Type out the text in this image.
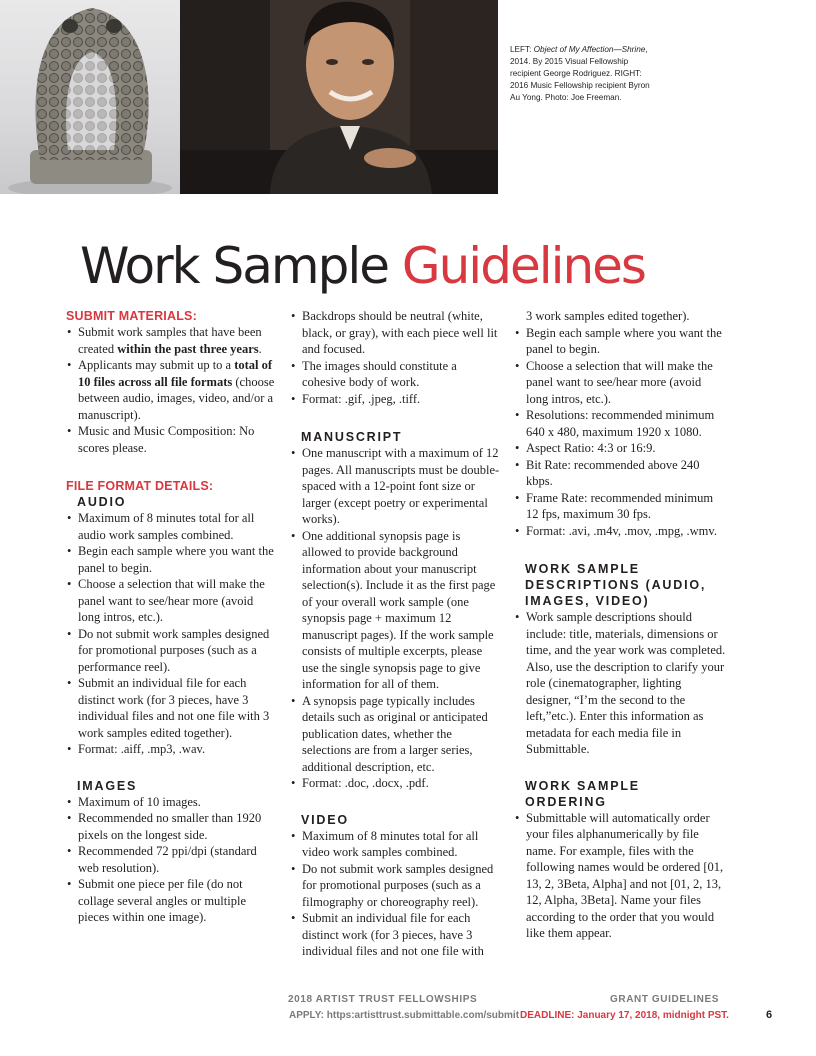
LEFT: Object of My Affection—Shrine, 2014. By 2015 Visual Fellowship recipient George Rodriguez. RIGHT: 2016 Music Fellowship recipient Byron Au Yong. Photo: Joe Freeman.
Work Sample Guidelines
SUBMIT MATERIALS:
• Submit work samples that have been created within the past three years.
• Applicants may submit up to a total of 10 files across all file formats (choose between audio, images, video, and/or a manuscript).
• Music and Music Composition: No scores please.
FILE FORMAT DETAILS:
AUDIO
• Maximum of 8 minutes total for all audio work samples combined.
• Begin each sample where you want the panel to begin.
• Choose a selection that will make the panel want to see/hear more (avoid long intros, etc.).
• Do not submit work samples designed for promotional purposes (such as a performance reel).
• Submit an individual file for each distinct work (for 3 pieces, have 3 individual files and not one file with 3 work samples edited together).
• Format: .aiff, .mp3, .wav.
IMAGES
• Maximum of 10 images.
• Recommended no smaller than 1920 pixels on the longest side.
• Recommended 72 ppi/dpi (standard web resolution).
• Submit one piece per file (do not collage several angles or multiple pieces within one image).
• Backdrops should be neutral (white, black, or gray), with each piece well lit and focused.
• The images should constitute a cohesive body of work.
• Format: .gif, .jpeg, .tiff.
MANUSCRIPT
• One manuscript with a maximum of 12 pages. All manuscripts must be double-spaced with a 12-point font size or larger (except poetry or experimental works).
• One additional synopsis page is allowed to provide background information about your manuscript selection(s). Include it as the first page of your overall work sample (one synopsis page + maximum 12 manuscript pages). If the work sample consists of multiple excerpts, please use the single synopsis page to give information for all of them.
• A synopsis page typically includes details such as original or anticipated publication dates, whether the selections are from a larger series, additional description, etc.
• Format: .doc, .docx, .pdf.
VIDEO
• Maximum of 8 minutes total for all video work samples combined.
• Do not submit work samples designed for promotional purposes (such as a filmography or choreography reel).
• Submit an individual file for each distinct work (for 3 pieces, have 3 individual files and not one file with
3 work samples edited together).
• Begin each sample where you want the panel to begin.
• Choose a selection that will make the panel want to see/hear more (avoid long intros, etc.).
• Resolutions: recommended minimum 640 x 480, maximum 1920 x 1080.
• Aspect Ratio: 4:3 or 16:9.
• Bit Rate: recommended above 240 kbps.
• Frame Rate: recommended minimum 12 fps, maximum 30 fps.
• Format: .avi, .m4v, .mov, .mpg, .wmv.
WORK SAMPLE DESCRIPTIONS (AUDIO, IMAGES, VIDEO)
• Work sample descriptions should include: title, materials, dimensions or time, and the year work was completed. Also, use the description to clarify your role (cinematographer, lighting designer, “I’m the second to the left,”etc.). Enter this information as metadata for each media file in Submittable.
WORK SAMPLE ORDERING
• Submittable will automatically order your files alphanumerically by file name. For example, files with the following names would be ordered [01, 13, 2, 3Beta, Alpha] and not [01, 2, 13, 12, Alpha, 3Beta]. Name your files according to the order that you would like them appear.
2018 ARTIST TRUST FELLOWSHIPS	GRANT GUIDELINES
APPLY: https:artisttrust.submittable.com/submit DEADLINE: January 17, 2018, midnight PST.	6
